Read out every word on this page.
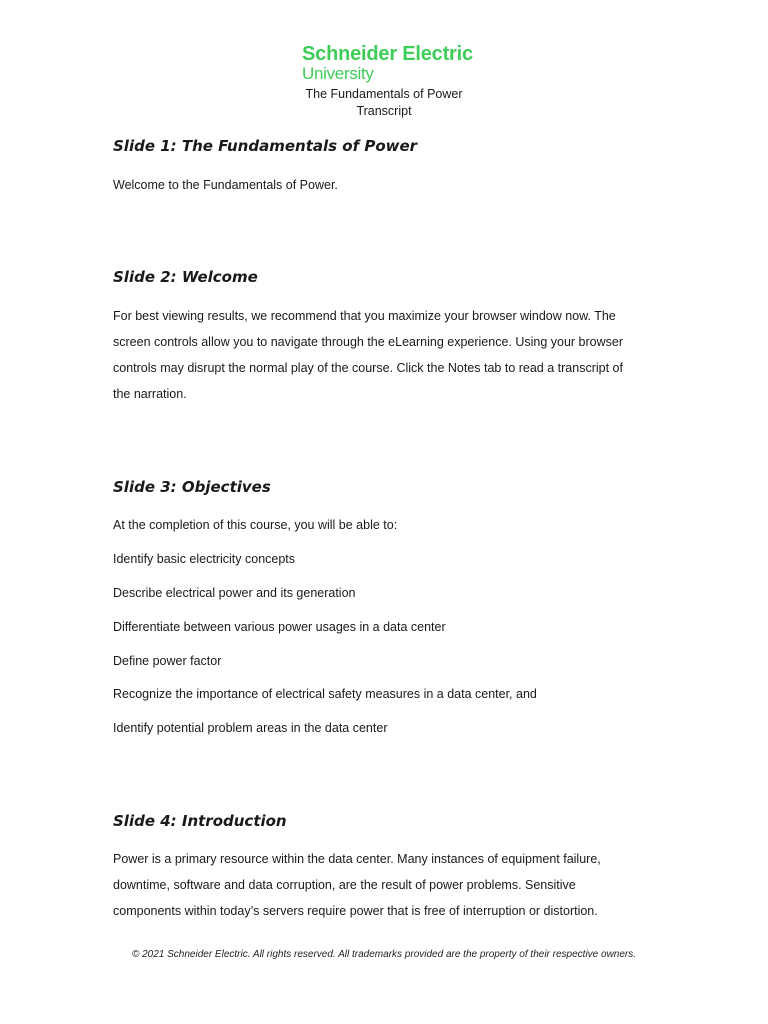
Schneider Electric
University
The Fundamentals of Power
Transcript
Slide 1: The Fundamentals of Power
Welcome to the Fundamentals of Power.
Slide 2: Welcome
For best viewing results, we recommend that you maximize your browser window now. The
screen controls allow you to navigate through the eLearning experience. Using your browser
controls may disrupt the normal play of the course. Click the Notes tab to read a transcript of
the narration.
Slide 3: Objectives
At the completion of this course, you will be able to:
Identify basic electricity concepts
Describe electrical power and its generation
Differentiate between various power usages in a data center
Define power factor
Recognize the importance of electrical safety measures in a data center, and
Identify potential problem areas in the data center
Slide 4: Introduction
Power is a primary resource within the data center. Many instances of equipment failure,
downtime, software and data corruption, are the result of power problems. Sensitive
components within today’s servers require power that is free of interruption or distortion.
© 2021 Schneider Electric. All rights reserved. All trademarks provided are the property of their respective owners.
